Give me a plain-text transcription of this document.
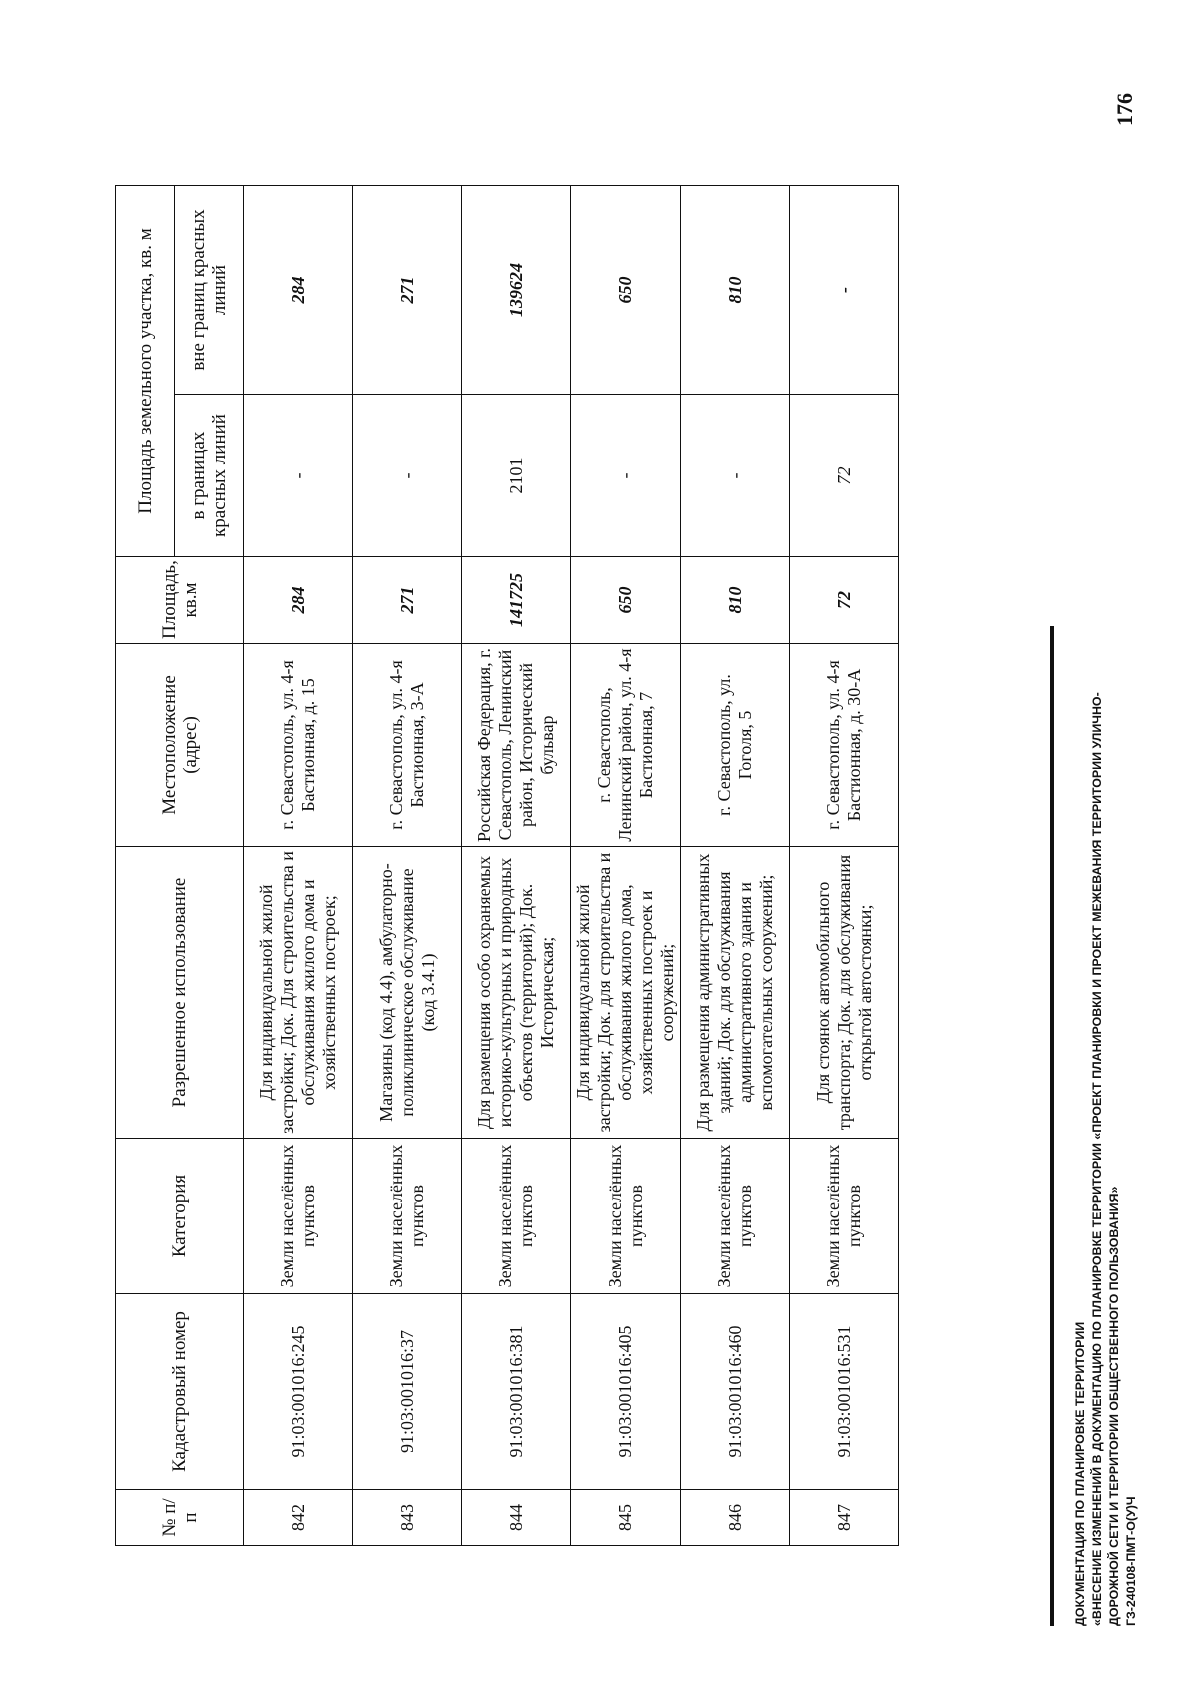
176
ДОКУМЕНТАЦИЯ ПО ПЛАНИРОВКЕ ТЕРРИТОРИИ «ВНЕСЕНИЕ ИЗМЕНЕНИЙ В ДОКУМЕНТАЦИЮ ПО ПЛАНИРОВКЕ ТЕРРИТОРИИ «ПРОЕКТ ПЛАНИРОВКИ И ПРОЕКТ МЕЖЕВАНИЯ ТЕРРИТОРИИ УЛИЧНО- ДОРОЖНОЙ СЕТИ И ТЕРРИТОРИИ ОБЩЕСТВЕННОГО ПОЛЬЗОВАНИЯ» ГЗ-240108-ПМТ-О(У)Ч
№ п/п	Кадастровый номер	Категория	Разрешенное использование	Местоположение (адрес)	Площадь, кв.м	Площадь земельного участка, кв. м	
						в границах красных линий	вне границ красных линий
842	91:03:001016:245	Земли населённых пунктов	Для индивидуальной жилой застройки; Док. Для строительства и обслуживания жилого дома и хозяйственных построек;	г. Севастополь, ул. 4-я Бастионная, д. 15	284	-	284
843	91:03:001016:37	Земли населённых пунктов	Магазины (код 4.4), амбулаторно-поликлиническое обслуживание (код 3.4.1)	г. Севастополь, ул. 4-я Бастионная, 3-А	271	-	271
844	91:03:001016:381	Земли населённых пунктов	Для размещения особо охраняемых историко-культурных и природных объектов (территорий); Док. Историческая;	Российская Федерация, г. Севастополь, Ленинский район, Исторический бульвар	141725	2101	139624
845	91:03:001016:405	Земли населённых пунктов	Для индивидуальной жилой застройки; Док. для строительства и обслуживания жилого дома, хозяйственных построек и сооружений;	г. Севастополь, Ленинский район, ул. 4-я Бастионная, 7	650	-	650
846	91:03:001016:460	Земли населённых пунктов	Для размещения административных зданий; Док. для обслуживания административного здания и вспомогательных сооружений;	г. Севастополь, ул. Гоголя, 5	810	-	810
847	91:03:001016:531	Земли населённых пунктов	Для стоянок автомобильного транспорта; Док. для обслуживания открытой автостоянки;	г. Севастополь, ул. 4-я Бастионная, д. 30-А	72	72	-
